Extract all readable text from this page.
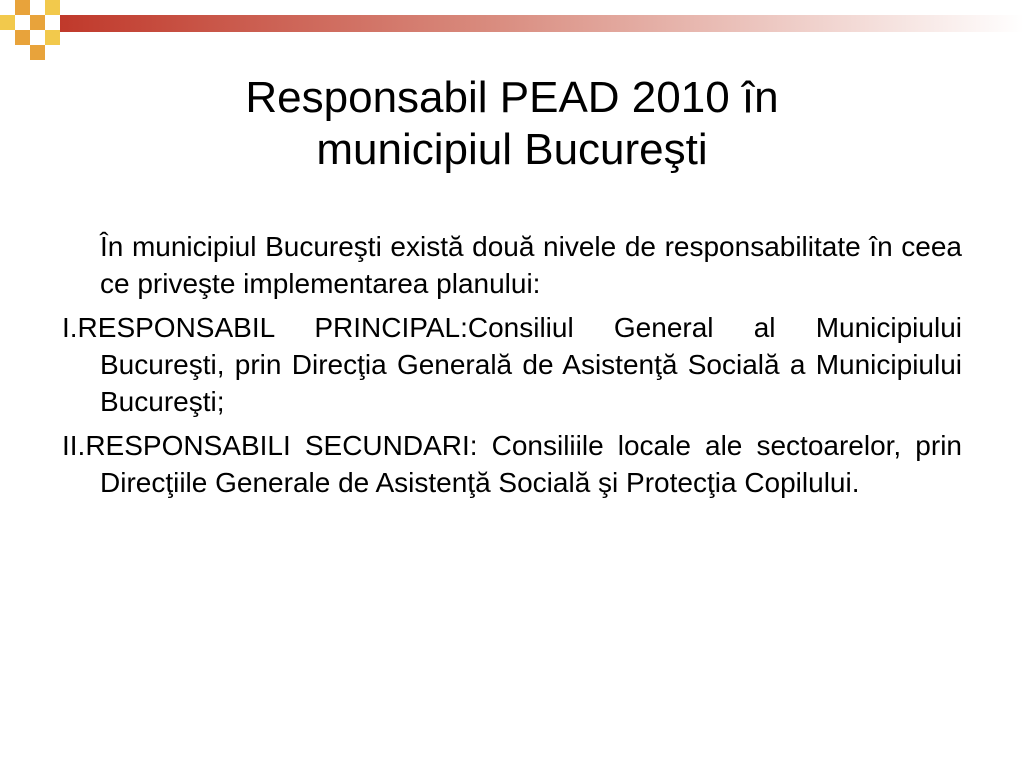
Responsabil PEAD 2010 în
municipiul Bucureşti

În municipiul Bucureşti există două nivele de responsabilitate în ceea ce priveşte implementarea planului:

I.RESPONSABIL PRINCIPAL:Consiliul General al Municipiului Bucureşti, prin Direcţia Generală de Asistenţă Socială a Municipiului Bucureşti;

II.RESPONSABILI SECUNDARI: Consiliile locale ale sectoarelor, prin Direcţiile Generale de Asistenţă Socială şi Protecţia Copilului.
